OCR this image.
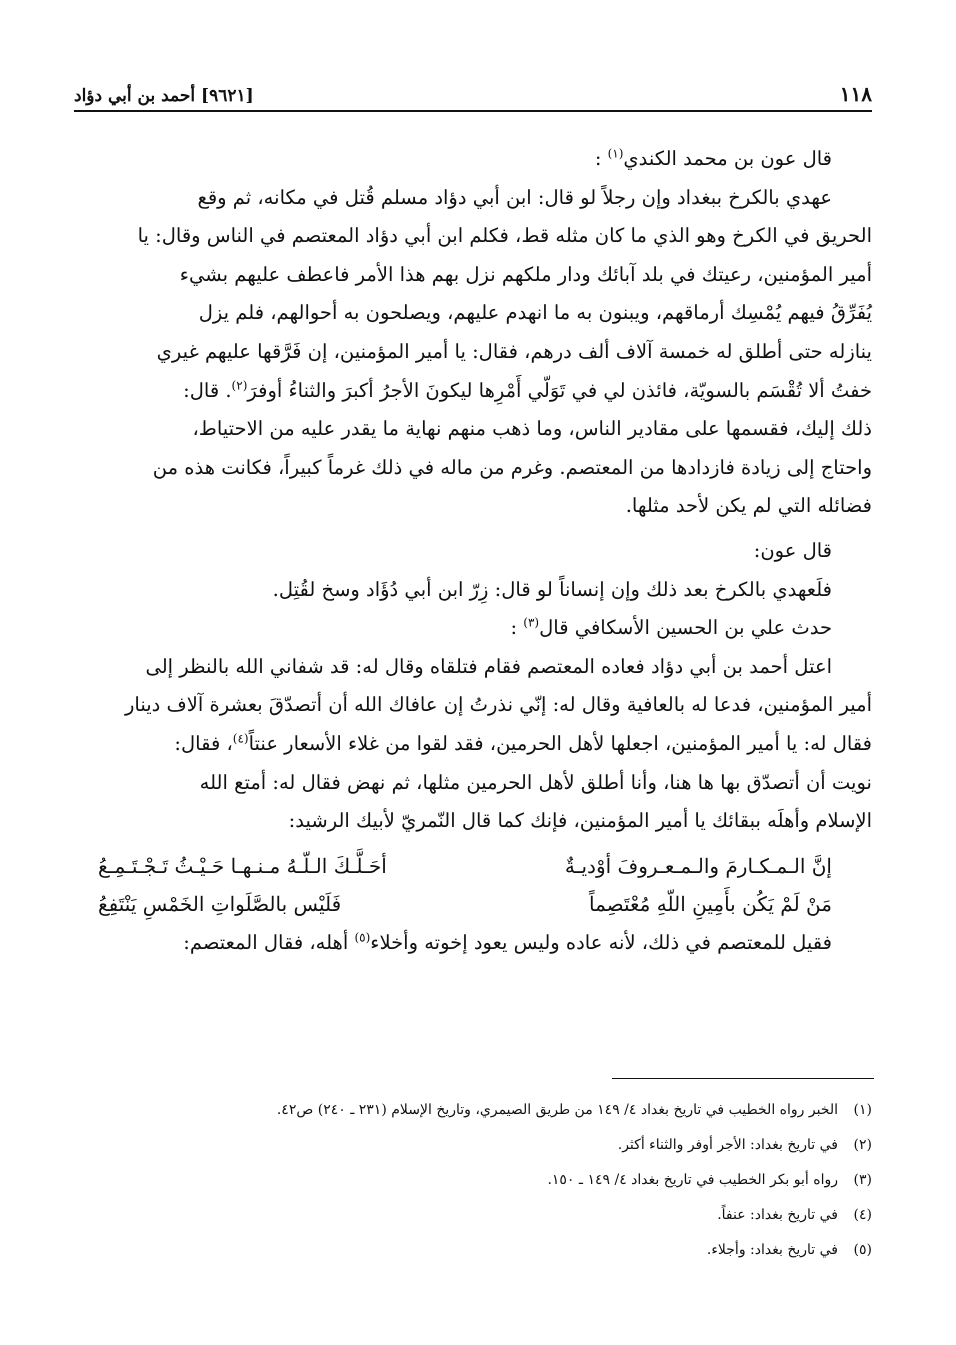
١١٨
[٩٦٢١] أحمد بن أبي دؤاد

قال عون بن محمد الكندي$^{(١)}$ :

عهدي بالكرخ ببغداد وإن رجلاً لو قال: ابن أبي دؤاد مسلم قُتل في مكانه، ثم وقع

الحريق في الكرخ وهو الذي ما كان مثله قط، فكلم ابن أبي دؤاد المعتصم في الناس وقال: يا

أمير المؤمنين، رعيتك في بلد آبائك ودار ملكهم نزل بهم هذا الأمر فاعطف عليهم بشيء

يُفَرِّقُ فيهم يُمْسِك أرماقهم، ويبنون به ما انهدم عليهم، ويصلحون به أحوالهم، فلم يزل

ينازله حتى أطلق له خمسة آلاف ألف درهم، فقال: يا أمير المؤمنين، إن فَرَّقها عليهم غيري

خفتُ ألا تُقْسَم بالسويّة، فائذن لي في تَوَلّي أَمْرِها ليكونَ الأجرُ أكبرَ والثناءُ أوفرَ$^{(٢)}$. قال:

ذلك إليك، فقسمها على مقادير الناس، وما ذهب منهم نهاية ما يقدر عليه من الاحتياط،

واحتاج إلى زيادة فازدادها من المعتصم. وغرم من ماله في ذلك غرماً كبيراً، فكانت هذه من

فضائله التي لم يكن لأحد مثلها.

قال عون:

فلَعهدي بالكرخ بعد ذلك وإن إنساناً لو قال: زِرّ ابن أبي دُؤَاد وسخ لقُتِل.

حدث علي بن الحسين الأسكافي قال$^{(٣)}$ :

اعتل أحمد بن أبي دؤاد فعاده المعتصم فقام فتلقاه وقال له: قد شفاني الله بالنظر إلى

أمير المؤمنين، فدعا له بالعافية وقال له: إنّي نذرتُ إن عافاك الله أن أتصدّقَ بعشرة آلاف دينار

فقال له: يا أمير المؤمنين، اجعلها لأهل الحرمين، فقد لقوا من غلاء الأسعار عنتاً$^{(٤)}$، فقال:

نويت أن أتصدّق بها ها هنا، وأنا أطلق لأهل الحرمين مثلها، ثم نهض فقال له: أمتع الله

الإسلام وأهلَه ببقائك يا أمير المؤمنين، فإنك كما قال النّمريّ لأبيك الرشيد:

إنَّ الـمـكـارمَ والـمـعـروفَ أوْديـةٌ
أحَـلَّـكَ الـلّـهُ مـنـهـا حَـيْـثُ تَـجْـتَـمِـعُ
مَنْ لَمْ يَكُن بأَمِينِ اللّهِ مُعْتَصِماً
فَلَيْس بالصَّلَواتِ الخَمْسِ يَنْتَفِعُ

فقيل للمعتصم في ذلك، لأنه عاده وليس يعود إخوته وأخلاء$^{(٥)}$ أهله، فقال المعتصم:

(١)الخبر رواه الخطيب في تاريخ بغداد ٤/ ١٤٩ من طريق الصيمري، وتاريخ الإسلام (٢٣١ ـ ٢٤٠) ص٤٢.
(٢)في تاريخ بغداد: الأجر أوفر والثناء أكثر.
(٣)رواه أبو بكر الخطيب في تاريخ بغداد ٤/ ١٤٩ ـ ١٥٠.
(٤)في تاريخ بغداد: عنفاً.
(٥)في تاريخ بغداد: وأجلاء.
